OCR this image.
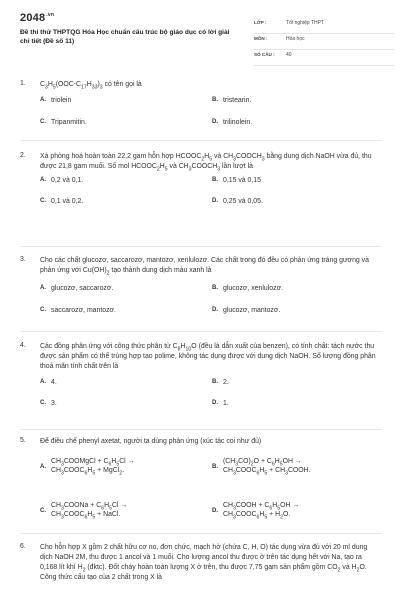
$2048^{.vn}$
Đề thi thử THPTQG Hóa Học chuẩn cấu trúc bộ giáo dục có lời giải chi tiết (Đề số 11)
LỚP :	Tốt nghiệp THPT
MÔN :	Hóa học
SỐ CÂU : 40
1. $C_3H_5(OOC-C_{17}H_{33})_3$ có tên gọi là
A. triolein	B. tristearin.
C. Tripanmitin.	D. trilinolein.
2. Xà phòng hoá hoàn toàn 22,2 gam hỗn hợp $HCOOC_2H_5$ và $CH_3COOCH_3$ bằng dung dịch NaOH vừa đủ, thu được 21,8 gam muối. Số mol $HCOOC_2H_5$ và $CH_3COOCH_3$ lần lượt là
A. 0,2 và 0,1.	B. 0,15 và 0,15
C. 0,1 và 0,2.	D. 0,25 và 0,05.
3. Cho các chất glucozơ, saccarozơ, mantozơ, xenlulozơ. Các chất trong đó đều có phản ứng tráng gương và phản ứng với $Cu(OH)_2$ tạo thành dung dịch màu xanh là
A. glucozơ, saccarozơ.	B. glucozơ, xenlulozơ.
C. saccarozơ, mantozơ.	D. glucozơ, mantozơ.
4. Các đồng phân ứng với công thức phân tử $C_8H_{10}O$ (đều là dẫn xuất của benzen), có tính chất: tách nước thu được sản phẩm có thể trùng hợp tạo polime, không tác dụng được với dung dịch NaOH. Số lượng đồng phân thoả mãn tính chất trên là
A. 4.	B. 2.
C. 3.	D. 1.
5. Để điều chế phenyl axetat, người ta dùng phản ứng (xúc tác coi như đủ)
A.
$CH_3COOMgCl + C_6H_5Cl$ →
$CH_3COOC_6H_5$ + MgCl$_2$.	B.
$(CH_3CO)_2O + C_6H_5OH$ →
$CH_3COOC_6H_5$ + $CH_3COOH$.
C.
$CH_3COONa + C_6H_5Cl$ →
$CH_3COOC_6H_5$ + NaCl.	D.
$CH_3COOH + C_6H_5OH$ →
$CH_3COOC_6H_5 + H_2O$.
6. Cho hỗn hợp X gồm 2 chất hữu cơ no, đơn chức, mạch hở (chứa C, H, O) tác dụng vừa đủ với 20 ml dung dịch NaOH 2M, thu được 1 ancol và 1 muối. Cho lượng ancol thu được ở trên tác dụng hết với Na, tạo ra 0,168 lít khí $H_2$ (đktc). Đốt cháy hoàn toàn lượng X ở trên, thu được 7,75 gam sản phẩm gồm $CO_2$ và $H_2O$. Công thức cấu tạo của 2 chất trong X là
